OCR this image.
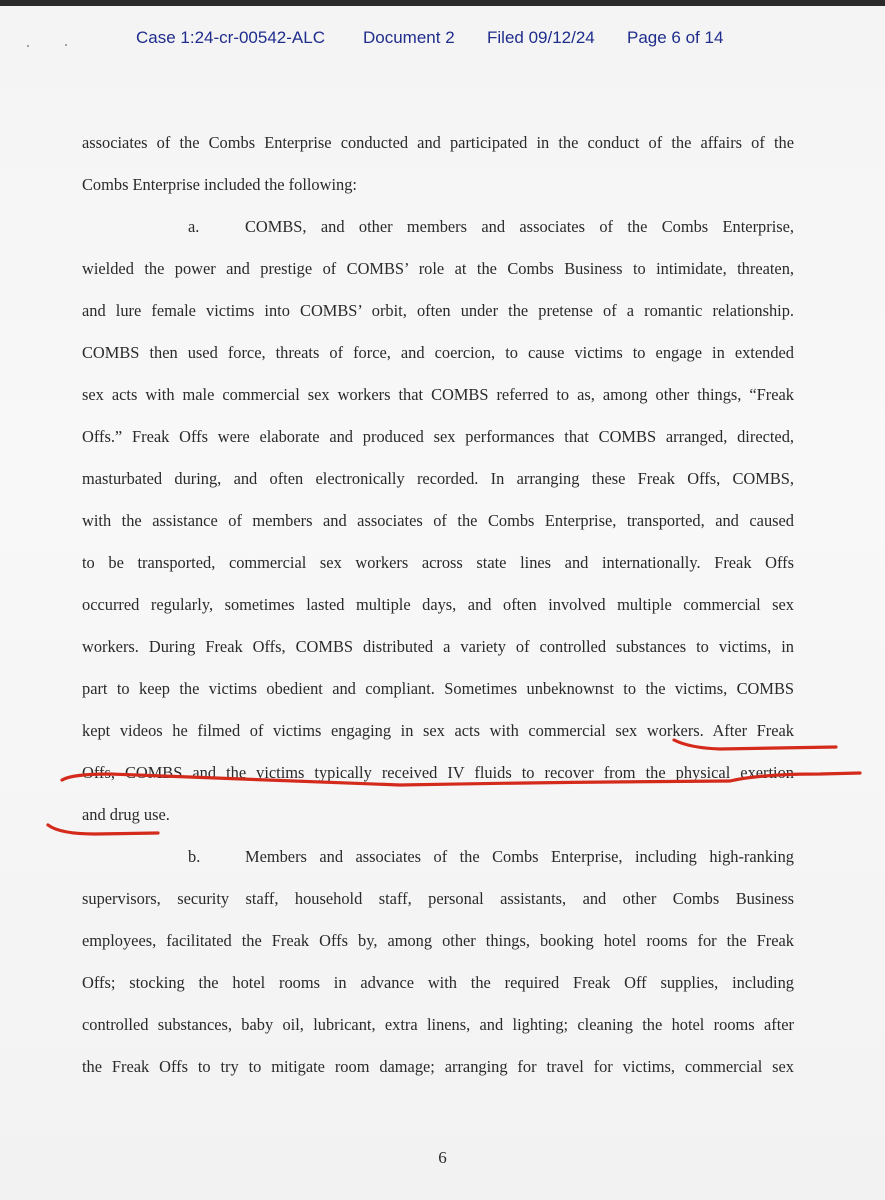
Case 1:24-cr-00542-ALC Document 2 Filed 09/12/24 Page 6 of 14
associates of the Combs Enterprise conducted and participated in the conduct of the affairs of the
Combs Enterprise included the following:
a.	COMBS, and other members and associates of the Combs Enterprise,
wielded the power and prestige of COMBS’ role at the Combs Business to intimidate, threaten,
and lure female victims into COMBS’ orbit, often under the pretense of a romantic relationship.
COMBS then used force, threats of force, and coercion, to cause victims to engage in extended
sex acts with male commercial sex workers that COMBS referred to as, among other things, “Freak
Offs.” Freak Offs were elaborate and produced sex performances that COMBS arranged, directed,
masturbated during, and often electronically recorded. In arranging these Freak Offs, COMBS,
with the assistance of members and associates of the Combs Enterprise, transported, and caused
to be transported, commercial sex workers across state lines and internationally. Freak Offs
occurred regularly, sometimes lasted multiple days, and often involved multiple commercial sex
workers. During Freak Offs, COMBS distributed a variety of controlled substances to victims, in
part to keep the victims obedient and compliant. Sometimes unbeknownst to the victims, COMBS
kept videos he filmed of victims engaging in sex acts with commercial sex workers. After Freak
Offs, COMBS and the victims typically received IV fluids to recover from the physical exertion
and drug use.
b.	Members and associates of the Combs Enterprise, including high-ranking
supervisors, security staff, household staff, personal assistants, and other Combs Business
employees, facilitated the Freak Offs by, among other things, booking hotel rooms for the Freak
Offs; stocking the hotel rooms in advance with the required Freak Off supplies, including
controlled substances, baby oil, lubricant, extra linens, and lighting; cleaning the hotel rooms after
the Freak Offs to try to mitigate room damage; arranging for travel for victims, commercial sex
6
